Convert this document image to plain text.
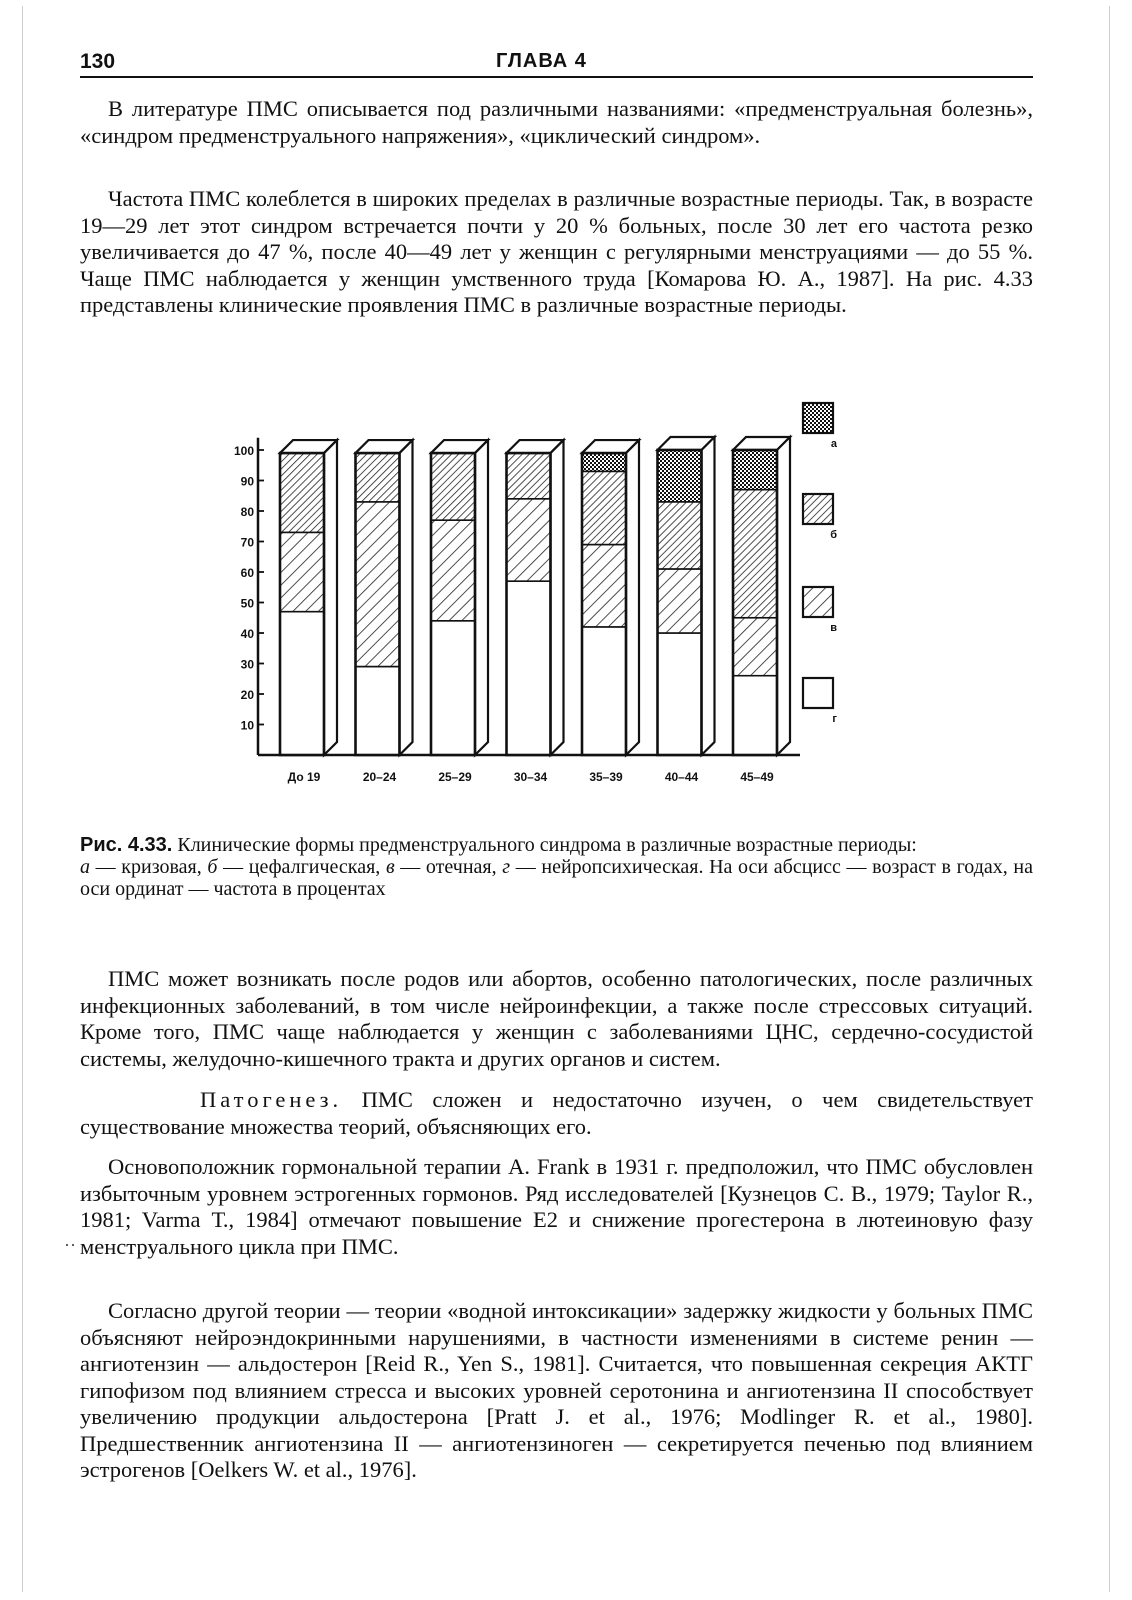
130	ГЛАВА 4

В литературе ПМС описывается под различными названиями: «предменструальная болезнь», «синдром предменструального напряжения», «циклический синдром».

Частота ПМС колеблется в широких пределах в различные возрастные периоды. Так, в возрасте 19—29 лет этот синдром встречается почти у 20 % больных, после 30 лет его частота резко увеличивается до 47 %, после 40—49 лет у женщин с регулярными менструациями — до 55 %. Чаще ПМС наблюдается у женщин умственного труда [Комарова Ю. А., 1987]. На рис. 4.33 представлены клинические проявления ПМС в различные возрастные периоды.

10
20
30
40
50
60
70
80
90
100
До 19	20–24	25–29	30–34	35–39	40–44	45–49
а
б
в
г

Рис. 4.33. Клинические формы предменструального синдрома в различные возрастные периоды:
а — кризовая, б — цефалгическая, в — отечная, г — нейропсихическая. На оси абсцисс — возраст в годах, на оси ординат — частота в процентах

ПМС может возникать после родов или абортов, особенно патологических, после различных инфекционных заболеваний, в том числе нейроинфекции, а также после стрессовых ситуаций. Кроме того, ПМС чаще наблюдается у женщин с заболеваниями ЦНС, сердечно-сосудистой системы, желудочно-кишечного тракта и других органов и систем.

Патогенез. ПМС сложен и недостаточно изучен, о чем свидетельствует существование множества теорий, объясняющих его.

Основоположник гормональной терапии A. Frank в 1931 г. предположил, что ПМС обусловлен избыточным уровнем эстрогенных гормонов. Ряд исследователей [Кузнецов С. В., 1979; Taylor R., 1981; Varma Т., 1984] отмечают повышение Е2 и снижение прогестерона в лютеиновую фазу менструального цикла при ПМС.

Согласно другой теории — теории «водной интоксикации» задержку жидкости у больных ПМС объясняют нейроэндокринными нарушениями, в частности изменениями в системе ренин — ангиотензин — альдостерон [Reid R., Yen S., 1981]. Считается, что повышенная секреция АКТГ гипофизом под влиянием стресса и высоких уровней серотонина и ангиотензина II способствует увеличению продукции альдостерона [Pratt J. et al., 1976; Modlinger R. et al., 1980]. Предшественник ангиотензина II — ангиотензиноген — секретируется печенью под влиянием эстрогенов [Oelkers W. et al., 1976].

··
